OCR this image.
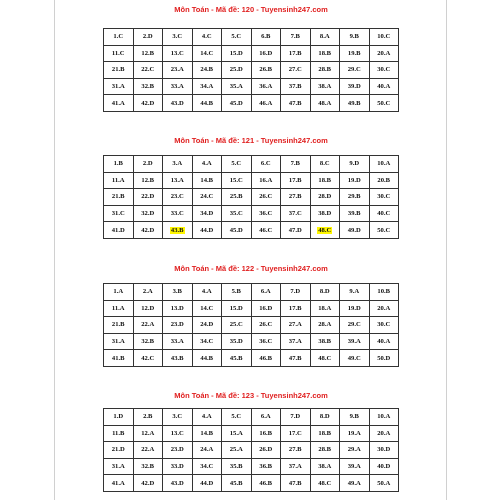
Môn Toán - Mã đề: 120 - Tuyensinh247.com
1.C	2.D	3.C	4.C	5.C	6.B	7.B	8.A	9.B	10.C
11.C	12.B	13.C	14.C	15.D	16.D	17.B	18.B	19.B	20.A
21.B	22.C	23.A	24.B	25.D	26.B	27.C	28.B	29.C	30.C
31.A	32.B	33.A	34.A	35.A	36.A	37.B	38.A	39.D	40.A
41.A	42.D	43.D	44.B	45.D	46.A	47.B	48.A	49.B	50.C
Môn Toán - Mã đề: 121 - Tuyensinh247.com
1.B	2.D	3.A	4.A	5.C	6.C	7.B	8.C	9.D	10.A
11.A	12.B	13.A	14.B	15.C	16.A	17.B	18.B	19.D	20.B
21.B	22.D	23.C	24.C	25.B	26.C	27.B	28.D	29.B	30.C
31.C	32.D	33.C	34.D	35.C	36.C	37.C	38.D	39.B	40.C
41.D	42.D	43.B	44.D	45.D	46.C	47.D	48.C	49.D	50.C
Môn Toán - Mã đề: 122 - Tuyensinh247.com
1.A	2.A	3.B	4.A	5.B	6.A	7.D	8.D	9.A	10.B
11.A	12.D	13.D	14.C	15.D	16.D	17.B	18.A	19.D	20.A
21.B	22.A	23.D	24.D	25.C	26.C	27.A	28.A	29.C	30.C
31.A	32.B	33.A	34.C	35.D	36.C	37.A	38.B	39.A	40.A
41.B	42.C	43.B	44.B	45.B	46.B	47.B	48.C	49.C	50.D
Môn Toán - Mã đề: 123 - Tuyensinh247.com
1.D	2.B	3.C	4.A	5.C	6.A	7.D	8.D	9.B	10.A
11.B	12.A	13.C	14.B	15.A	16.B	17.C	18.B	19.A	20.A
21.D	22.A	23.D	24.A	25.A	26.D	27.B	28.B	29.A	30.D
31.A	32.B	33.D	34.C	35.B	36.B	37.A	38.A	39.A	40.D
41.A	42.D	43.D	44.D	45.B	46.B	47.B	48.C	49.A	50.A
